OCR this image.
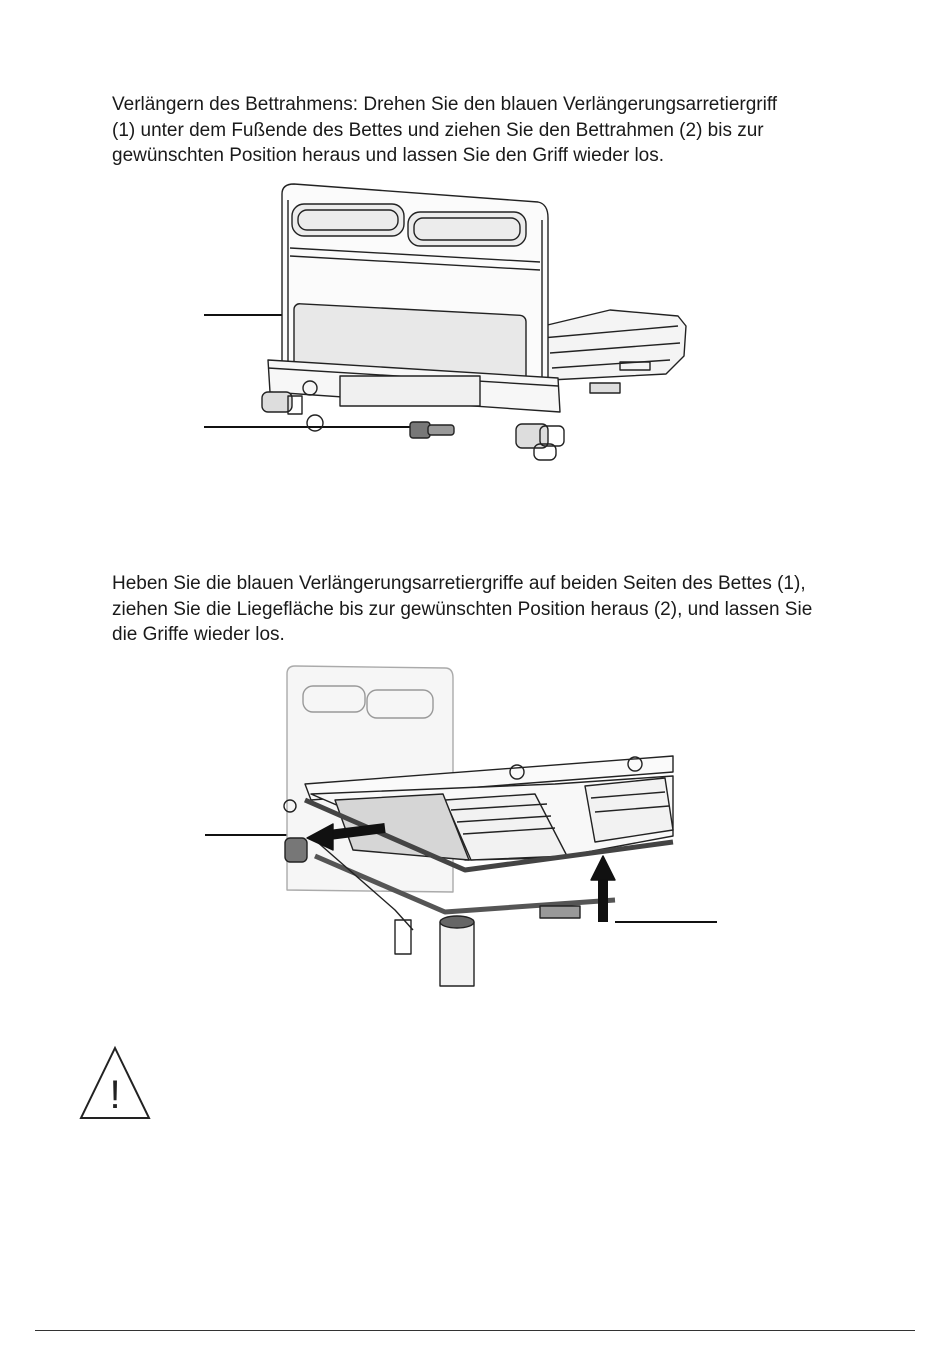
Verlängern des Bettrahmens: Drehen Sie den blauen Verlängerungsarretiergriff
(1) unter dem Fußende des Bettes und ziehen Sie den Bettrahmen (2) bis zur
gewünschten Position heraus und lassen Sie den Griff wieder los.

Heben Sie die blauen Verlängerungsarretiergriffe auf beiden Seiten des Bettes (1),
ziehen Sie die Liegefläche bis zur gewünschten Position heraus (2), und lassen Sie
die Griffe wieder los.

!
